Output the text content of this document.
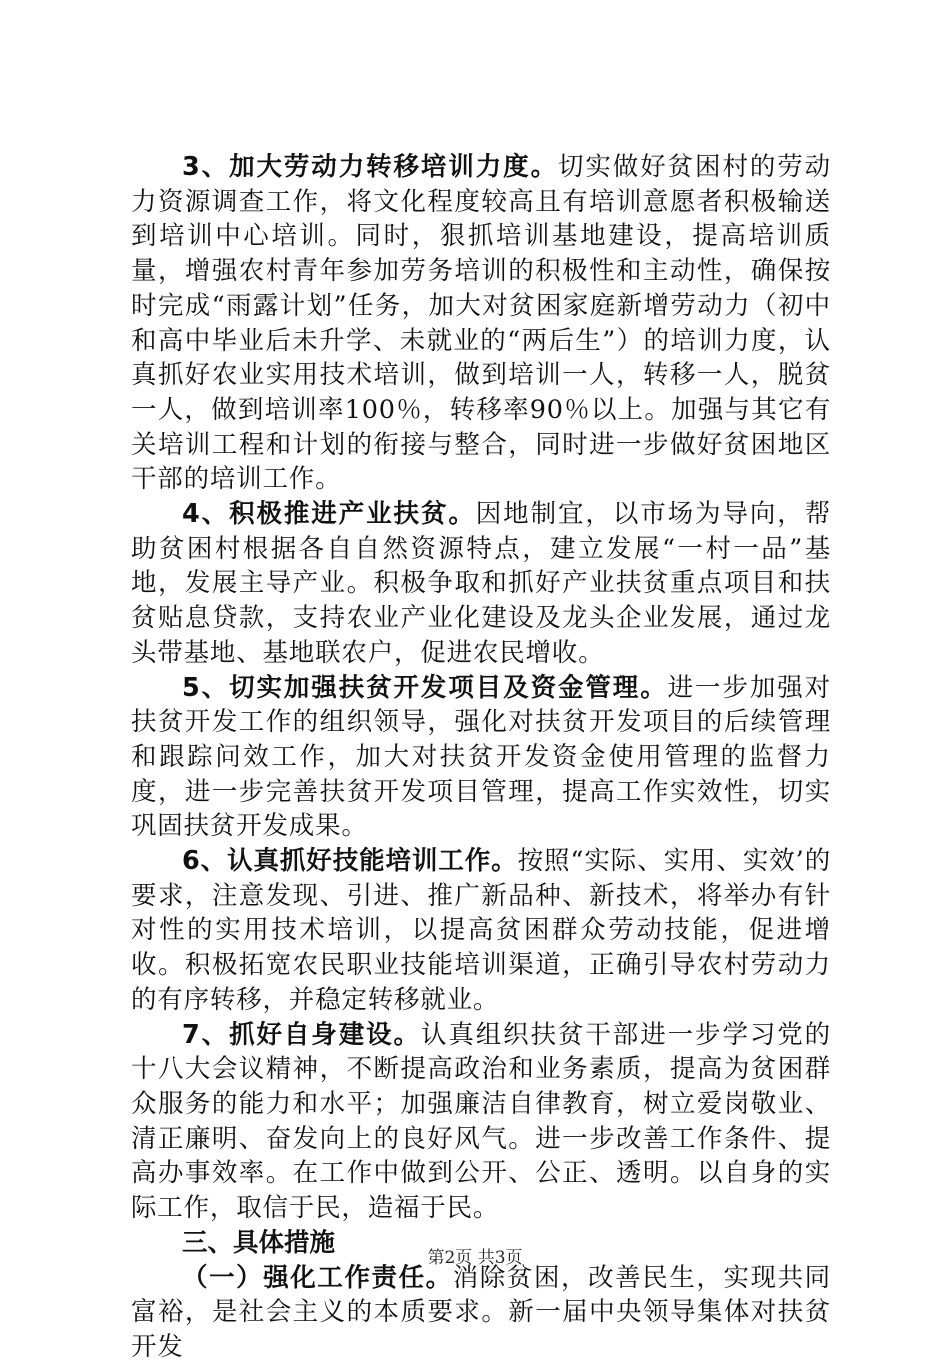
3、加大劳动力转移培训力度。切实做好贫困村的劳动力资源调查工作，将文化程度较高且有培训意愿者积极输送到培训中心培训。同时，狠抓培训基地建设，提高培训质量，增强农村青年参加劳务培训的积极性和主动性，确保按时完成“雨露计划”任务，加大对贫困家庭新增劳动力（初中和高中毕业后未升学、未就业的“两后生”）的培训力度，认真抓好农业实用技术培训，做到培训一人，转移一人，脱贫一人，做到培训率100％，转移率90％以上。加强与其它有关培训工程和计划的衔接与整合，同时进一步做好贫困地区干部的培训工作。

4、积极推进产业扶贫。因地制宜，以市场为导向，帮助贫困村根据各自自然资源特点，建立发展“一村一品”基地，发展主导产业。积极争取和抓好产业扶贫重点项目和扶贫贴息贷款，支持农业产业化建设及龙头企业发展，通过龙头带基地、基地联农户，促进农民增收。

5、切实加强扶贫开发项目及资金管理。进一步加强对扶贫开发工作的组织领导，强化对扶贫开发项目的后续管理和跟踪问效工作，加大对扶贫开发资金使用管理的监督力度，进一步完善扶贫开发项目管理，提高工作实效性，切实巩固扶贫开发成果。

6、认真抓好技能培训工作。按照“实际、实用、实效’的要求，注意发现、引进、推广新品种、新技术，将举办有针对性的实用技术培训，以提高贫困群众劳动技能，促进增收。积极拓宽农民职业技能培训渠道，正确引导农村劳动力的有序转移，并稳定转移就业。

7、抓好自身建设。认真组织扶贫干部进一步学习党的十八大会议精神，不断提高政治和业务素质，提高为贫困群众服务的能力和水平；加强廉洁自律教育，树立爱岗敬业、清正廉明、奋发向上的良好风气。进一步改善工作条件、提高办事效率。在工作中做到公开、公正、透明。以自身的实际工作，取信于民，造福于民。

三、具体措施

（一）强化工作责任。消除贫困，改善民生，实现共同富裕，是社会主义的本质要求。新一届中央领导集体对扶贫开发

第2页 共3页
